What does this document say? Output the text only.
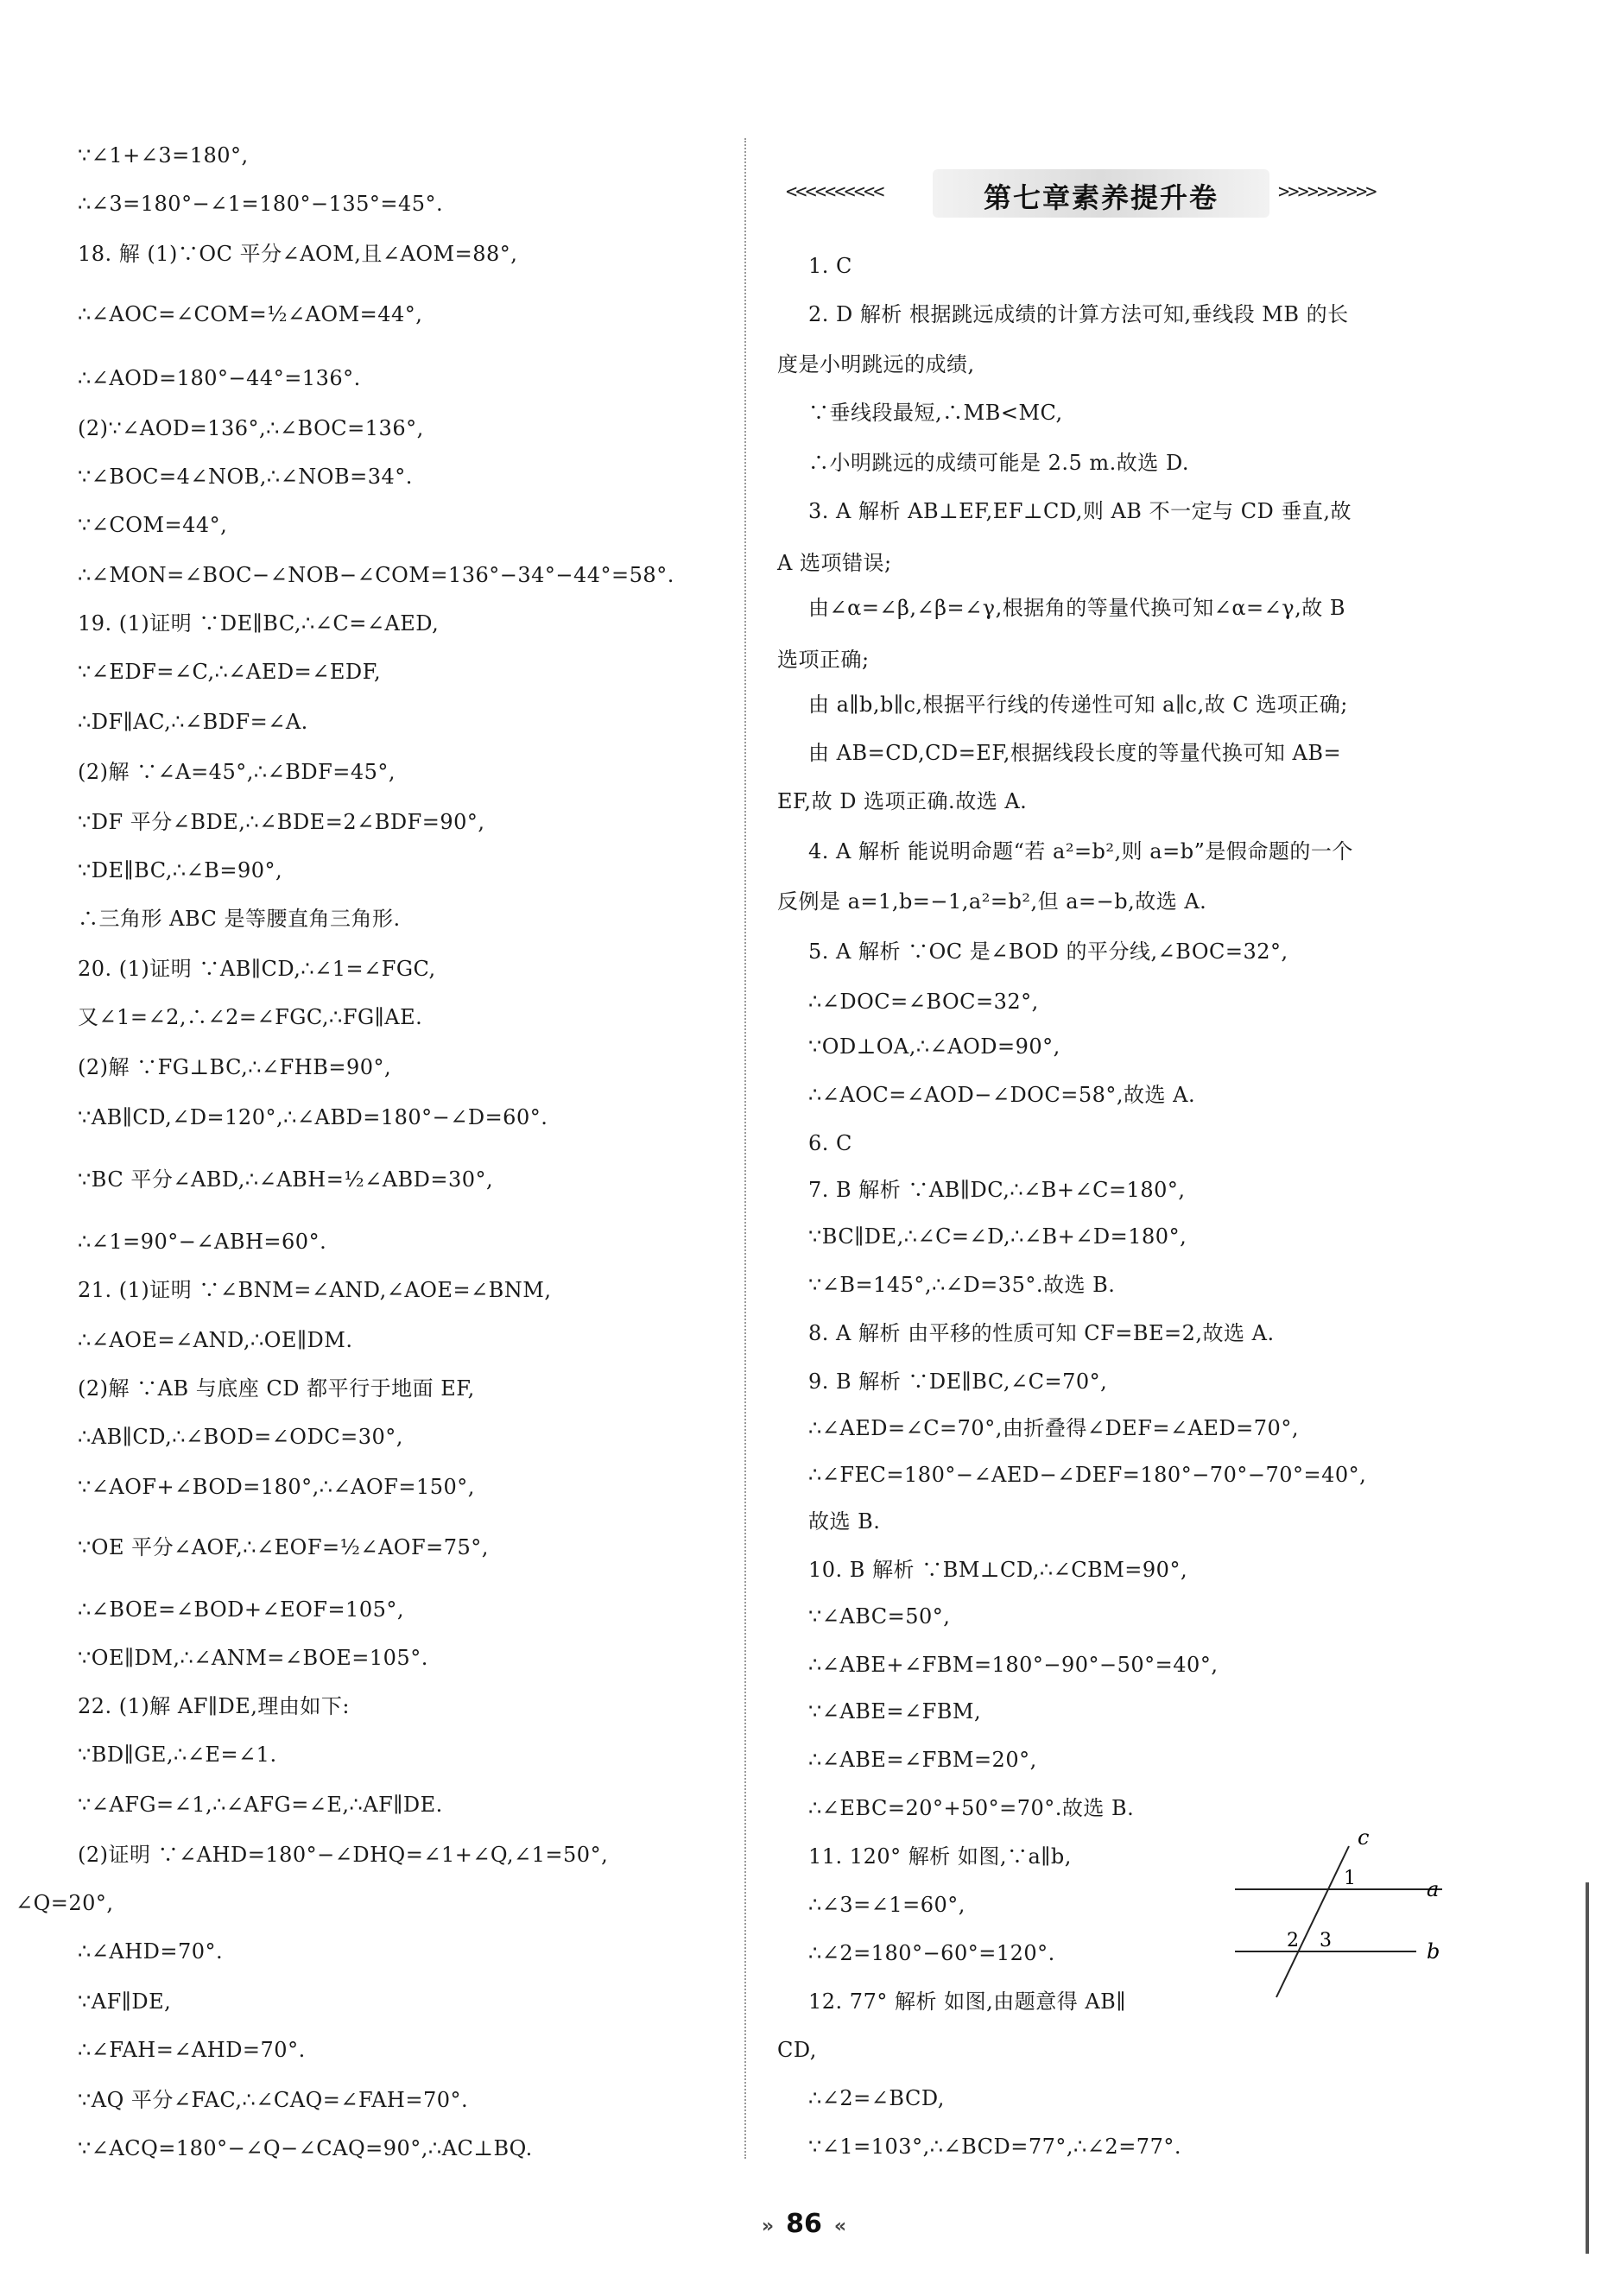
∵∠1+∠3=180°,
∴∠3=180°−∠1=180°−135°=45°.
18. 解 (1)∵OC 平分∠AOM,且∠AOM=88°,
∴∠AOC=∠COM=½∠AOM=44°,
∴∠AOD=180°−44°=136°.
(2)∵∠AOD=136°,∴∠BOC=136°,
∵∠BOC=4∠NOB,∴∠NOB=34°.
∵∠COM=44°,
∴∠MON=∠BOC−∠NOB−∠COM=136°−34°−44°=58°.
19. (1)证明 ∵DE∥BC,∴∠C=∠AED,
∵∠EDF=∠C,∴∠AED=∠EDF,
∴DF∥AC,∴∠BDF=∠A.
(2)解 ∵∠A=45°,∴∠BDF=45°,
∵DF 平分∠BDE,∴∠BDE=2∠BDF=90°,
∵DE∥BC,∴∠B=90°,
∴三角形 ABC 是等腰直角三角形.
20. (1)证明 ∵AB∥CD,∴∠1=∠FGC,
又∠1=∠2,∴∠2=∠FGC,∴FG∥AE.
(2)解 ∵FG⊥BC,∴∠FHB=90°,
∵AB∥CD,∠D=120°,∴∠ABD=180°−∠D=60°.
∵BC 平分∠ABD,∴∠ABH=½∠ABD=30°,
∴∠1=90°−∠ABH=60°.
21. (1)证明 ∵∠BNM=∠AND,∠AOE=∠BNM,
∴∠AOE=∠AND,∴OE∥DM.
(2)解 ∵AB 与底座 CD 都平行于地面 EF,
∴AB∥CD,∴∠BOD=∠ODC=30°,
∵∠AOF+∠BOD=180°,∴∠AOF=150°,
∵OE 平分∠AOF,∴∠EOF=½∠AOF=75°,
∴∠BOE=∠BOD+∠EOF=105°,
∵OE∥DM,∴∠ANM=∠BOE=105°.
22. (1)解 AF∥DE,理由如下:
∵BD∥GE,∴∠E=∠1.
∵∠AFG=∠1,∴∠AFG=∠E,∴AF∥DE.
(2)证明 ∵∠AHD=180°−∠DHQ=∠1+∠Q,∠1=50°,
∠Q=20°,
∴∠AHD=70°.
∵AF∥DE,
∴∠FAH=∠AHD=70°.
∵AQ 平分∠FAC,∴∠CAQ=∠FAH=70°.
∵∠ACQ=180°−∠Q−∠CAQ=90°,∴AC⊥BQ.
1. C
2. D 解析 根据跳远成绩的计算方法可知,垂线段 MB 的长
度是小明跳远的成绩,
∵垂线段最短,∴MB<MC,
∴小明跳远的成绩可能是 2.5 m.故选 D.
3. A 解析 AB⊥EF,EF⊥CD,则 AB 不一定与 CD 垂直,故
A 选项错误;
由∠α=∠β,∠β=∠γ,根据角的等量代换可知∠α=∠γ,故 B
选项正确;
由 a∥b,b∥c,根据平行线的传递性可知 a∥c,故 C 选项正确;
由 AB=CD,CD=EF,根据线段长度的等量代换可知 AB=
EF,故 D 选项正确.故选 A.
4. A 解析 能说明命题“若 a²=b²,则 a=b”是假命题的一个
反例是 a=1,b=−1,a²=b²,但 a=−b,故选 A.
5. A 解析 ∵OC 是∠BOD 的平分线,∠BOC=32°,
∴∠DOC=∠BOC=32°,
∵OD⊥OA,∴∠AOD=90°,
∴∠AOC=∠AOD−∠DOC=58°,故选 A.
6. C
7. B 解析 ∵AB∥DC,∴∠B+∠C=180°,
∵BC∥DE,∴∠C=∠D,∴∠B+∠D=180°,
∵∠B=145°,∴∠D=35°.故选 B.
8. A 解析 由平移的性质可知 CF=BE=2,故选 A.
9. B 解析 ∵DE∥BC,∠C=70°,
∴∠AED=∠C=70°,由折叠得∠DEF=∠AED=70°,
∴∠FEC=180°−∠AED−∠DEF=180°−70°−70°=40°,
故选 B.
10. B 解析 ∵BM⊥CD,∴∠CBM=90°,
∵∠ABC=50°,
∴∠ABE+∠FBM=180°−90°−50°=40°,
∵∠ABE=∠FBM,
∴∠ABE=∠FBM=20°,
∴∠EBC=20°+50°=70°.故选 B.
11. 120° 解析 如图,∵a∥b,
∴∠3=∠1=60°,
∴∠2=180°−60°=120°.
12. 77° 解析 如图,由题意得 AB∥
CD,
∴∠2=∠BCD,
∵∠1=103°,∴∠BCD=77°,∴∠2=77°.
<<<<<<<<<<	第七章素养提升卷	>>>>>>>>>>
c
a
b
1
2 3
» 86 «
